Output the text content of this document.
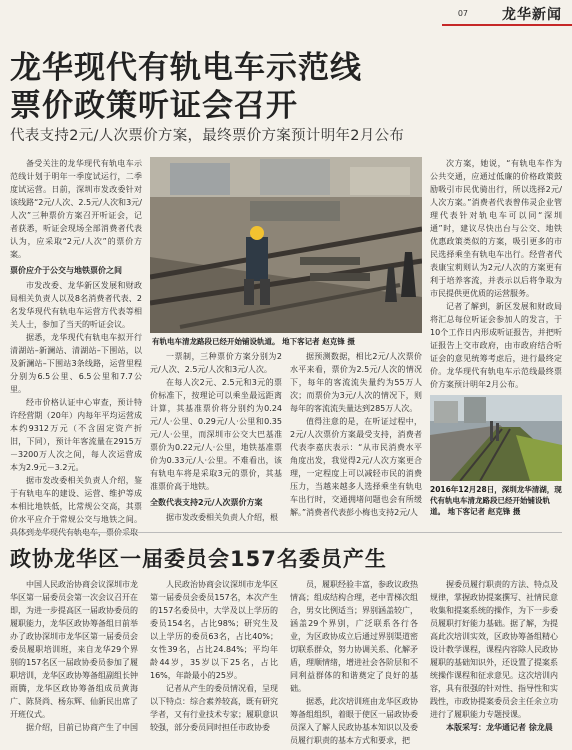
07 龙华新闻
龙华现代有轨电车示范线
票价政策听证会召开
代表支持2元/人次票价方案，最终票价方案预计明年2月公布

备受关注的龙华现代有轨电车示范线计划于明年一季度试运行，二季度试运营。日前，深圳市发改委针对该线路“2元/人次、2.5元/人次和3元/人次”三种票价方案召开听证会，记者获悉，听证会现场全部消费者代表认为，应采取“2元/人次”的票价方案。

票价应介于公交与地铁票价之间

市发改委、龙华新区发展和财政局相关负责人以及8名消费者代表、2名发华现代有轨电车运营方代表等相关人士，参加了当天的听证会议。

据悉，龙华现代有轨电车拟开行清湖站–新澜站、清湖站–下围站，以及新澜站–下围站3条线路，运营里程分别为6.5公里、6.5公里和7.7公里。

经市价格认证中心审查，预计特许经营期（20年）内每年平均运营成本约9312万元（不含固定资产折旧，下同），预计年客流量在2915万－3200万人次之间，每人次运营成本为2.9元－3.2元。

据市发改委相关负责人介绍，鉴于有轨电车的建设、运营、维护等成本相比地铁低，比常规公交高，其票价水平应介于常规公交与地铁之间。

有轨电车清龙路段已经开始铺设轨道。 地下客记者 赵克锋 摄

一票制，三种票价方案分别为2元/人次、2.5元/人次和3元/人次。

在每人次2元、2.5元和3元的票价标准下，按理论可以乘坐最远距离计算，其基准票价将分别约为0.24元/人·公里、0.29元/人·公里和0.35元/人·公里，而深圳市公交大巴基准票价为0.22元/人·公里，地铁基准票价为0.33元/人·公里。不难看出，该有轨电车将是采取3元的票价，其基准票价高于地铁。

全数代表支持2元/人次票价方案

据市发改委相关负责人介绍，根

据预测数据，相比2元/人次票价水平来看，票价为2.5元/人次的情况下，每年的客流流失量约为55万人次；而票价为3元/人次的情况下，则每年的客流流失量达到285万人次。

值得注意的是，在听证过程中，2元/人次票价方案最受支持，消费者代表李嘉庆表示：“从市民消费水平角度出发，我觉得2元/人次方案更合理，一定程度上可以减轻市民的消费压力，当越来越多人选择乘坐有轨电车出行时，交通拥堵问题也会有所缓解。”消费者代表彭小梅也支持2元/人

次方案，她说，“有轨电车作为公共交通，应通过低廉的价格政策鼓励吸引市民优骑出行，所以选择2元/人次方案。”消费者代表曾伟灵企业管理代表针对轨电车可以同“深圳通”时，建议尽快出台与公交、地铁优惠政策类似的方案，吸引更多的市民选择乘坐有轨电车出行。经营者代表康宝莉则认为2元/人次的方案更有利于培养客流，并表示以后将争取为市民提供更优质的运营服务。

记者了解到，新区发展和财政局将汇总每位听证会参加人的发言，于10个工作日内形成听证报告，并把听证报告上交市政府，由市政府结合听证会的意见统筹考虑后，进行最终定价。龙华现代有轨电车示范线最终票价方案预计明年2月公布。

2016年12月28日，深圳龙华清湖，现代有轨电车清龙路段已经开始铺设轨道。 地下客记者 赵克锋 摄
政协龙华区一届委员会157名委员产生

中国人民政治协商会议深圳市龙华区第一届委员会第一次会议召开在即，为进一步提高区一届政协委员的履职能力，龙华区政协筹备组日前举办了政协深圳市龙华区第一届委员会委员履职培训班，来自龙华29个界别的157名区一届政协委员参加了履职培训，龙华区政协筹备组副组长钟雨腾，龙华区政协筹备组成员黄海广、陈贤尚、杨东辉、仙新民出席了开班仪式。

据介绍，目前已协商产生了中国

人民政治协商会议深圳市龙华区第一届委员会委员157名，本次产生的157名委员中，大学及以上学历的委员154名，占比98%；研究生及以上学历的委员63名，占比40%；女性39名，占比24.84%；平均年龄44岁，35岁以下25名，占比16%，年龄最小的25岁。

记者从产生的委员情况看，呈现以下特点：综合素养较高，既有研究学者，又有行业技术专家；履职意识较强，部分委员同时担任市政协委

员，履职经验丰富，参政议政热情高；组成结构合理，老中青梯次组合，男女比例适当；界别涵盖较广，涵盖29个界别，广泛联系各行各业，为区政协成立后通过界别渠道密切联系群众，努力协调关系、化解矛盾，理顺情绪，增进社会各阶层和不同利益群体的和谐奠定了良好的基础。

据悉，此次培训班由龙华区政协筹备组组织，着眼于使区一届政协委员深入了解人民政协基本知识以及委员履行职责的基本方式和要求，把

握委员履行职责的方法、特点及规律，掌握政协提案撰写、社情民意收集和提案系统的操作，为下一步委员履职打好能力基础。据了解，为提高此次培训实效，区政协筹备组精心设计教学课程，课程内容除人民政协履职的基础知识外，还设置了提案系统操作课程和征求意见。这次培训内容，具有很强的针对性、指导性和实践性，市政协提案委员会主任余立功进行了履职能力专题授课。

本版采写：龙华通记者 徐龙晨
